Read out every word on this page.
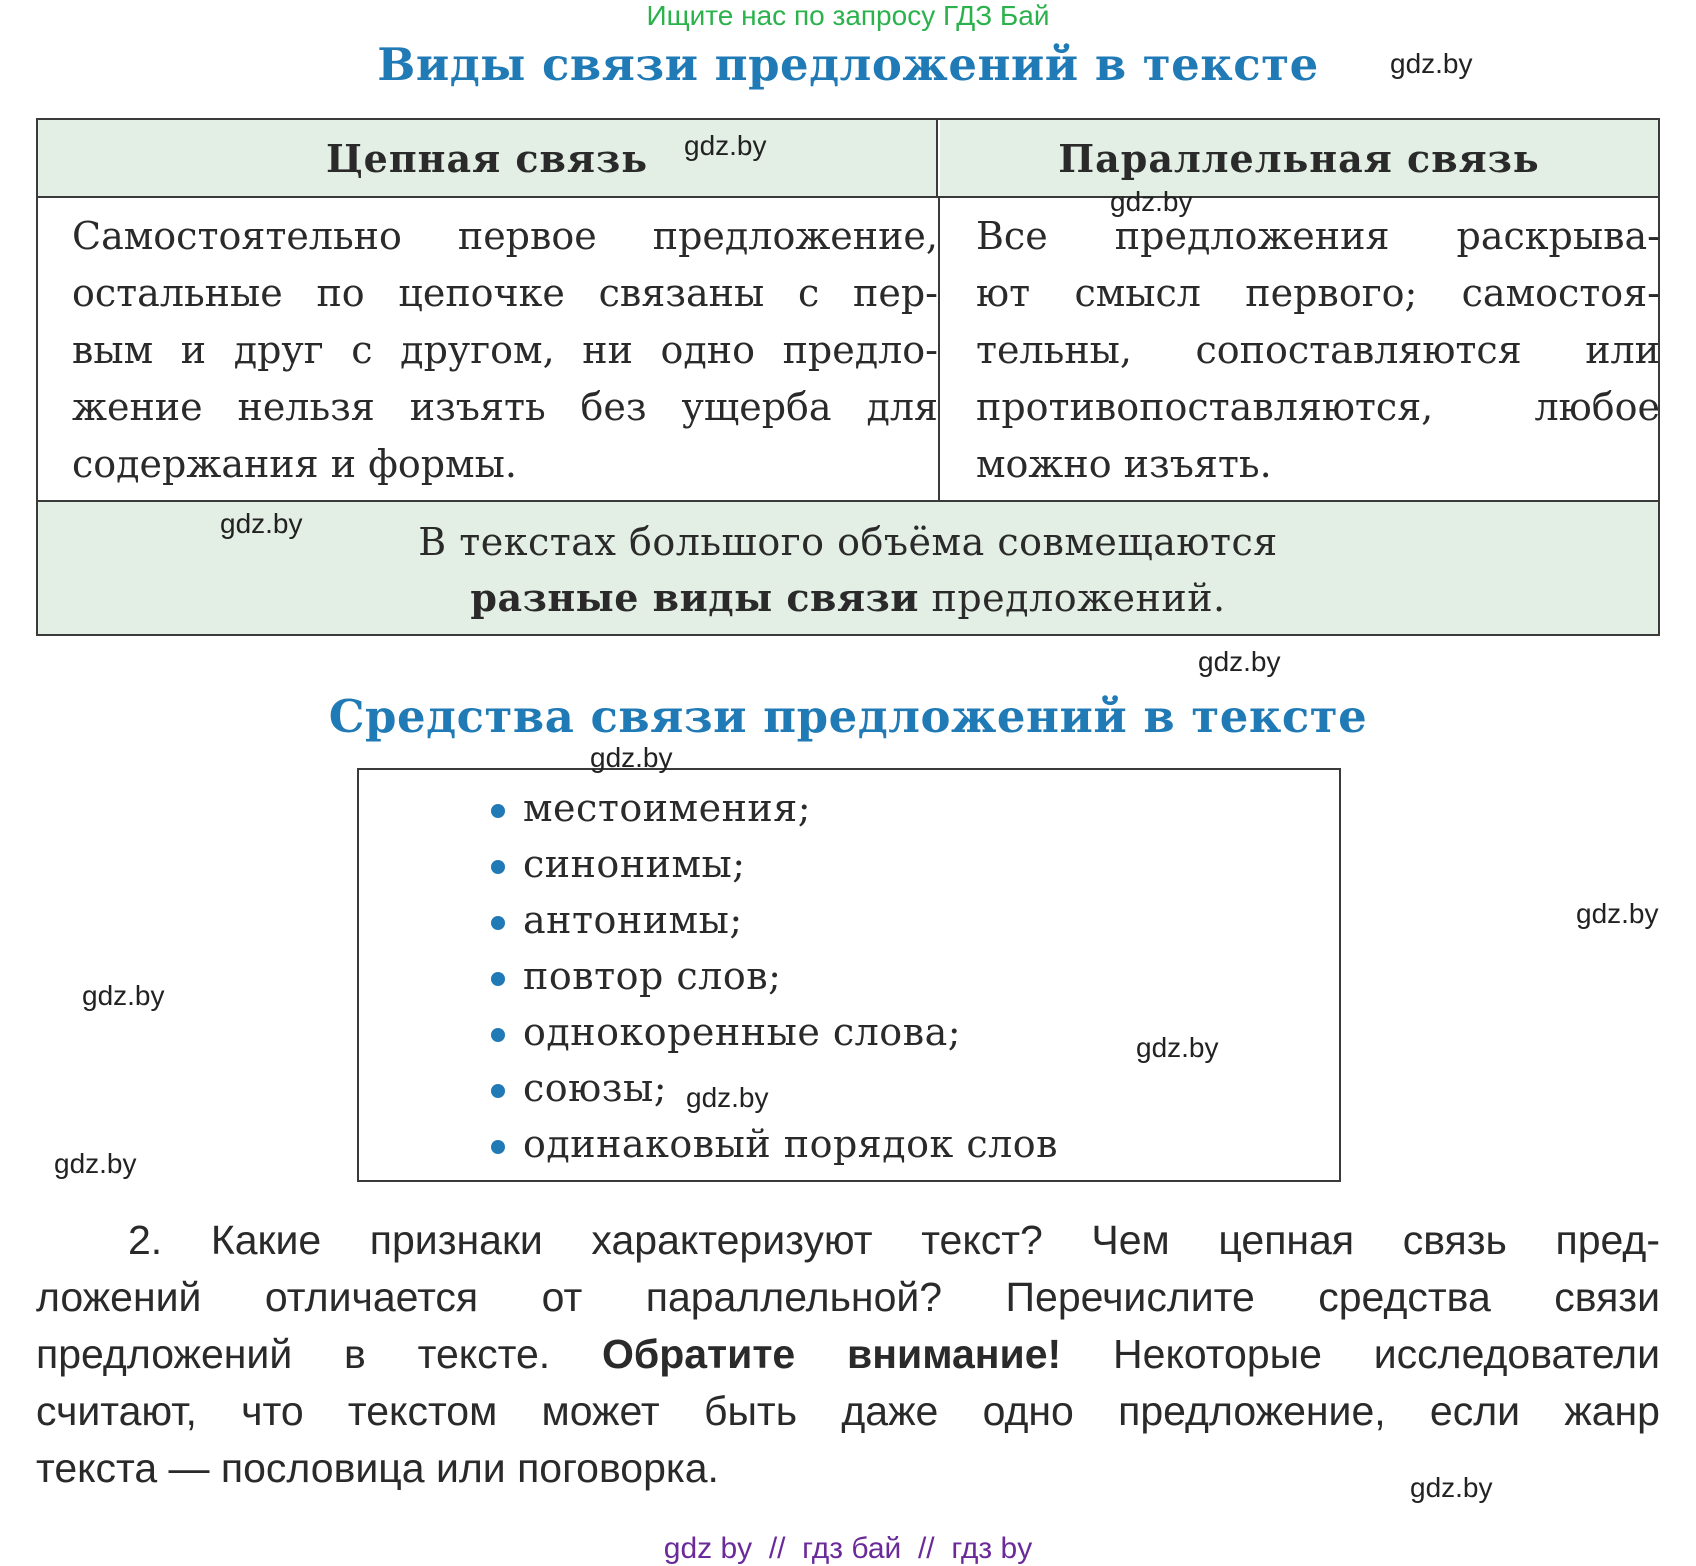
Ищите нас по запросу ГДЗ Бай
Виды связи предложений в тексте
Цепная связь	Параллельная связь
Самостоятельно первое предложение,
остальные по цепочке связаны с пер-
вым и друг с другом, ни одно предло-
жение нельзя изъять без ущерба для
содержания и формы.
Все предложения раскрыва-
ют смысл первого; самостоя-
тельны, сопоставляются или
противопоставляются, любое
можно изъять.
В текстах большого объёма совмещаются
разные виды связи предложений.
Средства связи предложений в тексте
местоимения;
синонимы;
антонимы;
повтор слов;
однокоренные слова;
союзы;
одинаковый порядок слов
2. Какие признаки характеризуют текст? Чем цепная связь пред-
ложений отличается от параллельной? Перечислите средства связи
предложений в тексте. Обратите внимание! Некоторые исследователи
считают, что текстом может быть даже одно предложение, если жанр
текста — пословица или поговорка.
gdz.by
gdz.by
gdz.by
gdz.by
gdz.by
gdz.by
gdz.by
gdz.by
gdz.by
gdz.by
gdz.by
gdz.by
gdz by  //  гдз бай  //  гдз by
